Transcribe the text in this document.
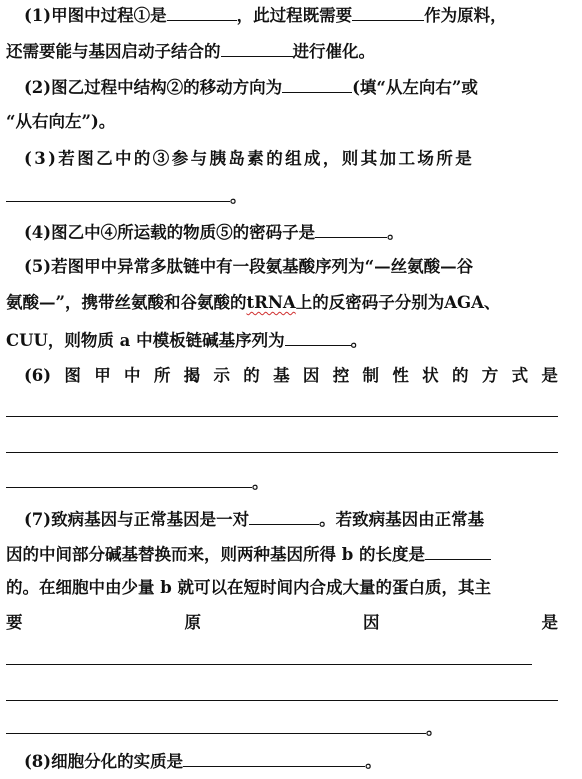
(1)甲图中过程①是	，此过程既需要	作为原料，
还需要能与基因启动子结合的	进行催化。
(2)图乙过程中结构②的移动方向为	(填“从左向右”或
“从右向左”)。
(3)若图乙中的③参与胰岛素的组成，则其加工场所是
。
(4)图乙中④所运载的物质⑤的密码子是	。
(5)若图甲中异常多肽链中有一段氨基酸序列为“—丝氨酸—谷
氨酸—”，携带丝氨酸和谷氨酸的tRNA上的反密码子分别为AGA、
CUU，则物质 a 中模板链碱基序列为	。
(6) 图 甲 中 所 揭 示 的 基 因 控 制 性 状 的 方 式 是
。
(7)致病基因与正常基因是一对	。若致病基因由正常基
因的中间部分碱基替换而来，则两种基因所得 b 的长度是
的。在细胞中由少量 b 就可以在短时间内合成大量的蛋白质，其主
要	原	因	是
。
(8)细胞分化的实质是	。
